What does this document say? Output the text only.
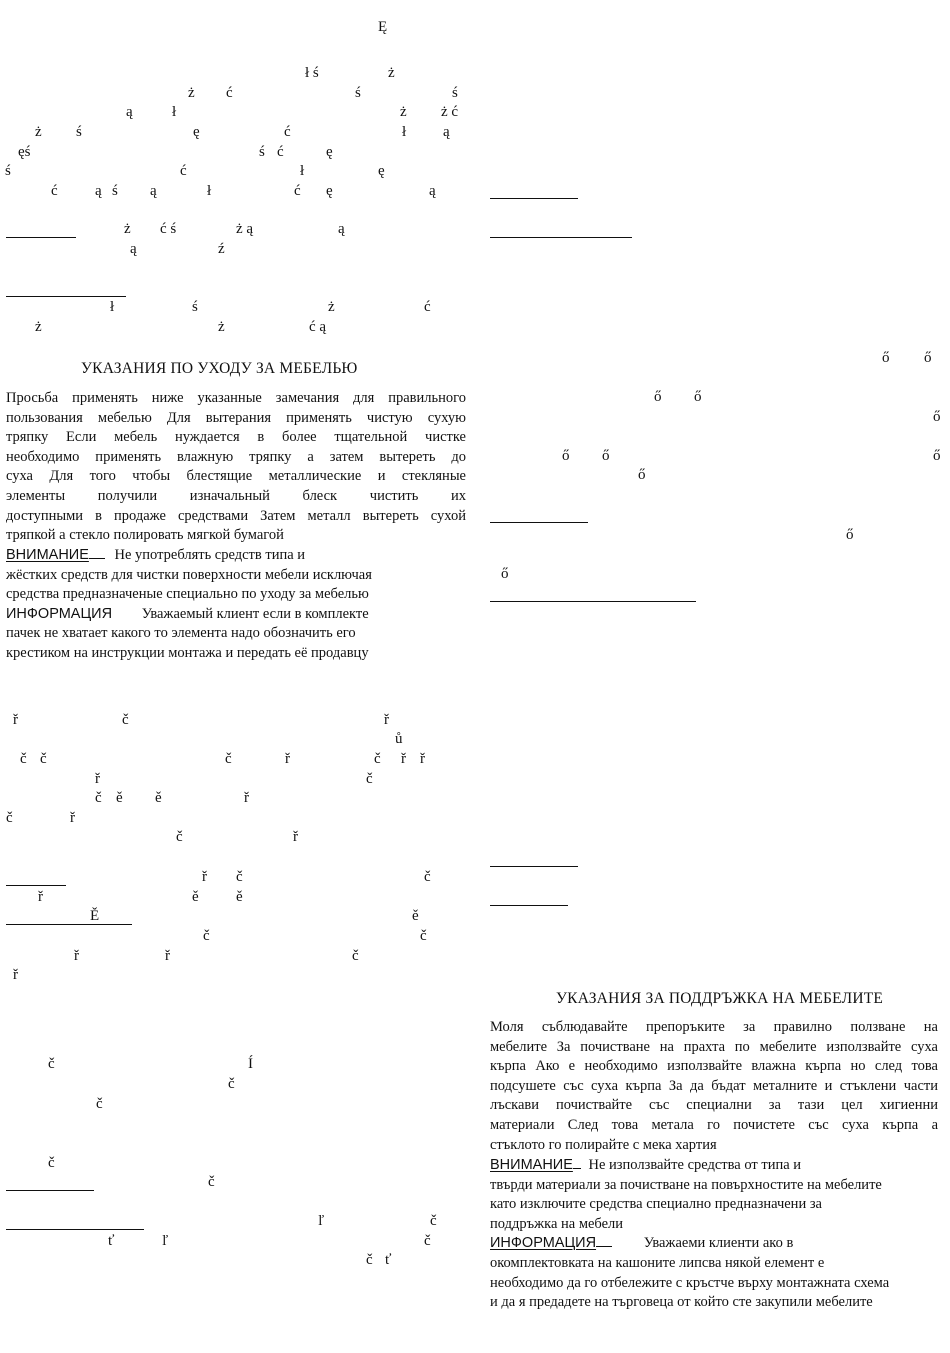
Ę
ł ś	ż
ż ć	ś	ś
ą	ł	ż ż ć
ż ś	ę	ć	ł ą
ęś	ś ć	ę
ś	ć	ł	ę
ć ą ś ą	ł	ć ę	ą
ż ć ś	ż ą	ą
ą	ź
ł	ś	ż	ć
ż	ż	ć ą
УКАЗАНИЯ ПО УХОДУ ЗА МЕБЕЛЬЮ
Просьба применять ниже указанные замечания для правильного
пользования мебелью Для вытерания применять чистую сухую
тряпку Если мебель нуждается в более тщательной чистке
необходимо применять влажную тряпку а затем вытереть до
суха Для того чтобы блестящие металлические и стекляные
элементы получили изначальный блеск чистить их
доступными в продаже средствами Затем металл вытереть сухой
тряпкой а стекло полировать мягкой бумагой
ВНИМАНИЕ Не употреблять средств типа и
жёстких средств для чистки поверхности мебели исключая
средства предназначеные специально по уходу за мебелью
ИНФОРМАЦИЯ Уважаемый клиент если в комплекте
пачек не хватает какого то элемента надо обозначить его
крестиком на инструкции монтажа и передать её продавцу
ř	č	ř
ů
č č	č	ř	č ř ř
ř	č
č ě ě	ř
č	ř
č	ř
ř č	č
ř	ě ě
Ě	ě
č	č
ř	ř	č
ř
č	Í
č
č
č
č
ľ	č
ť	ľ	č
č ť
ő ő
ő ő
ő
ő ő	ő
ő
ő
ő
УКАЗАНИЯ ЗА ПОДДРЪЖКА НА МЕБЕЛИТЕ
Моля съблюдавайте препоръките за правилно ползване на
мебелите За почистване на прахта по мебелите използвайте суха
кърпа Ако е необходимо използвайте влажна кърпа но след това
подсушете със суха кърпа За да бъдат металните и стъклени части
лъскави почиствайте със специални за тази цел хигиенни
материали След това метала го почистете със суха кърпа а
стъклото го полирайте с мека хартия
ВНИМАНИЕ Не използвайте средства от типа и
твърди материали за почистване на повърхностите на мебелите
като изключите средства специално предназначени за
поддръжка на мебели
ИНФОРМАЦИЯ	Уважаеми клиенти ако в
окомплектовката на кашоните липсва някой елемент е
необходимо да го отбележите с кръстче върху монтажната схема
и да я предадете на търговеца от който сте закупили мебелите
